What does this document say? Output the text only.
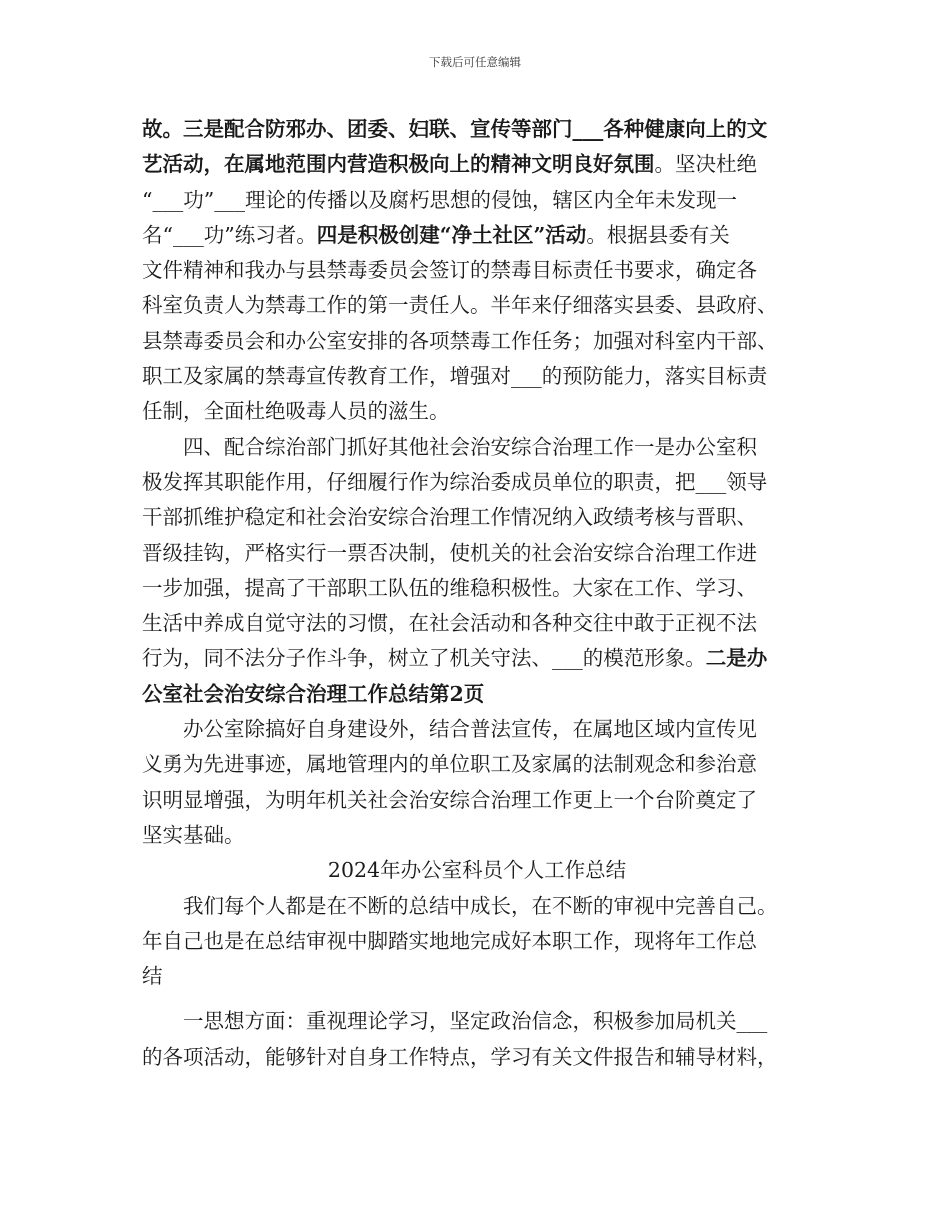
下载后可任意编辑
故。三是配合防邪办、团委、妇联、宣传等部门___各种健康向上的文
艺活动，在属地范围内营造积极向上的精神文明良好氛围。坚决杜绝
“___功”___理论的传播以及腐朽思想的侵蚀，辖区内全年未发现一
名“___功”练习者。四是积极创建“净土社区”活动。根据县委有关
文件精神和我办与县禁毒委员会签订的禁毒目标责任书要求，确定各
科室负责人为禁毒工作的第一责任人。半年来仔细落实县委、县政府、
县禁毒委员会和办公室安排的各项禁毒工作任务；加强对科室内干部、
职工及家属的禁毒宣传教育工作，增强对___的预防能力，落实目标责
任制，全面杜绝吸毒人员的滋生。
四、配合综治部门抓好其他社会治安综合治理工作一是办公室积
极发挥其职能作用，仔细履行作为综治委成员单位的职责，把___领导
干部抓维护稳定和社会治安综合治理工作情况纳入政绩考核与晋职、
晋级挂钩，严格实行一票否决制，使机关的社会治安综合治理工作进
一步加强，提高了干部职工队伍的维稳积极性。大家在工作、学习、
生活中养成自觉守法的习惯，在社会活动和各种交往中敢于正视不法
行为，同不法分子作斗争，树立了机关守法、___的模范形象。二是办
公室社会治安综合治理工作总结第2页
办公室除搞好自身建设外，结合普法宣传，在属地区域内宣传见
义勇为先进事迹，属地管理内的单位职工及家属的法制观念和参治意
识明显增强，为明年机关社会治安综合治理工作更上一个台阶奠定了
坚实基础。
2024年办公室科员个人工作总结
我们每个人都是在不断的总结中成长，在不断的审视中完善自己。
年自己也是在总结审视中脚踏实地地完成好本职工作，现将年工作总
结
一思想方面：重视理论学习，坚定政治信念，积极参加局机关___
的各项活动，能够针对自身工作特点，学习有关文件报告和辅导材料，
